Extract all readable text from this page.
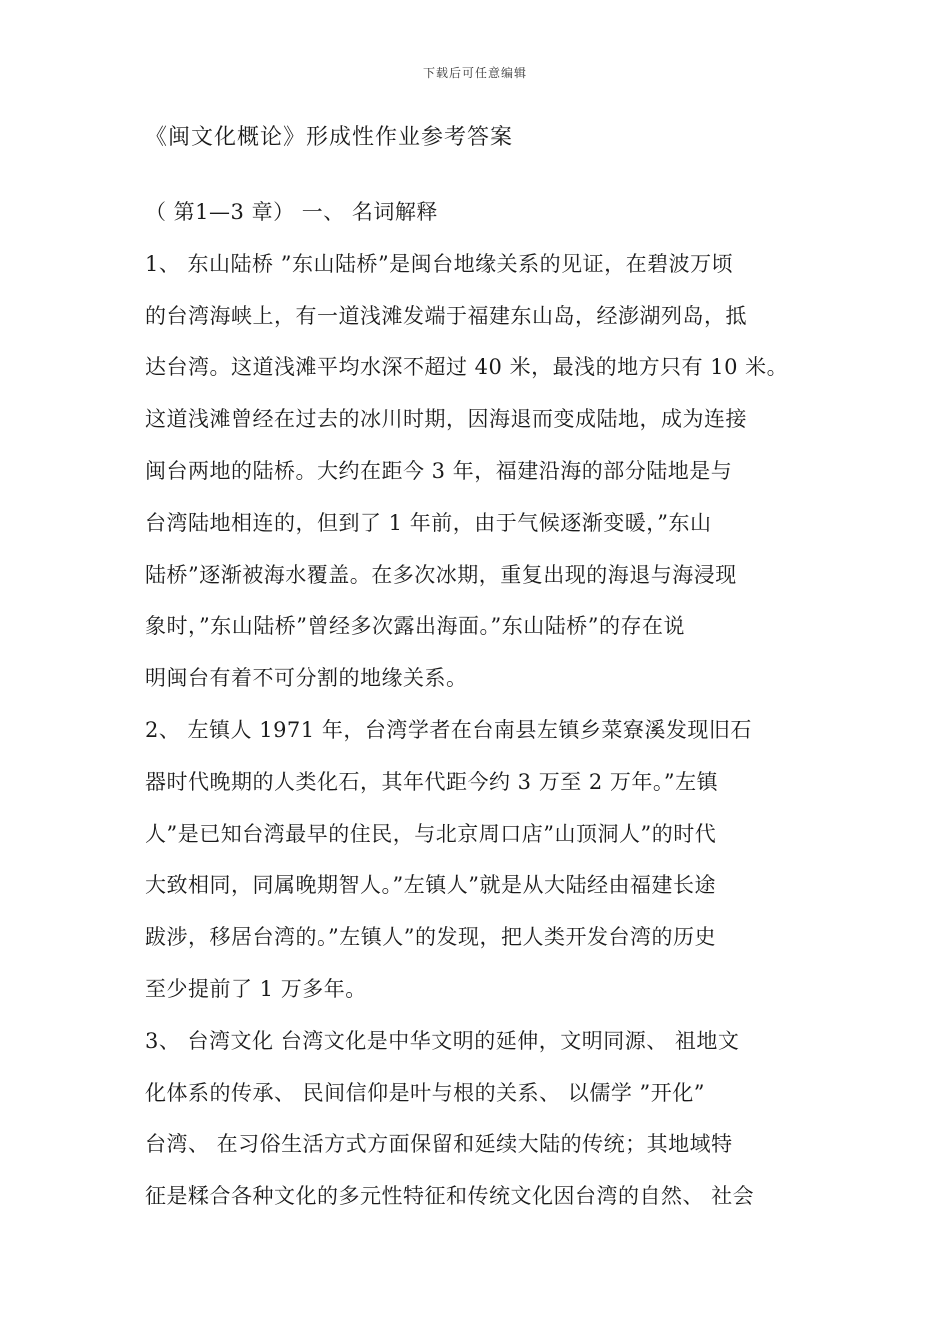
下载后可任意编辑
《闽文化概论》形成性作业参考答案
（ 第1—3 章） 一、 名词解释
1、 东山陆桥 ”东山陆桥”是闽台地缘关系的见证，在碧波万顷
的台湾海峡上，有一道浅滩发端于福建东山岛，经澎湖列岛，抵
达台湾。这道浅滩平均水深不超过 40 米，最浅的地方只有 10 米。
这道浅滩曾经在过去的冰川时期，因海退而变成陆地，成为连接
闽台两地的陆桥。大约在距今 3 年，福建沿海的部分陆地是与
台湾陆地相连的，但到了 1 年前，由于气候逐渐变暖，”东山
陆桥”逐渐被海水覆盖。在多次冰期，重复出现的海退与海浸现
象时，”东山陆桥”曾经多次露出海面。”东山陆桥”的存在说
明闽台有着不可分割的地缘关系。
2、 左镇人 1971 年，台湾学者在台南县左镇乡菜寮溪发现旧石
器时代晚期的人类化石，其年代距今约 3 万至 2 万年。”左镇
人”是已知台湾最早的住民，与北京周口店”山顶洞人”的时代
大致相同，同属晚期智人。”左镇人”就是从大陆经由福建长途
跋涉，移居台湾的。”左镇人”的发现，把人类开发台湾的历史
至少提前了 1 万多年。
3、 台湾文化 台湾文化是中华文明的延伸，文明同源、 祖地文
化体系的传承、 民间信仰是叶与根的关系、 以儒学 ”开化”
台湾、 在习俗生活方式方面保留和延续大陆的传统；其地域特
征是糅合各种文化的多元性特征和传统文化因台湾的自然、 社会
